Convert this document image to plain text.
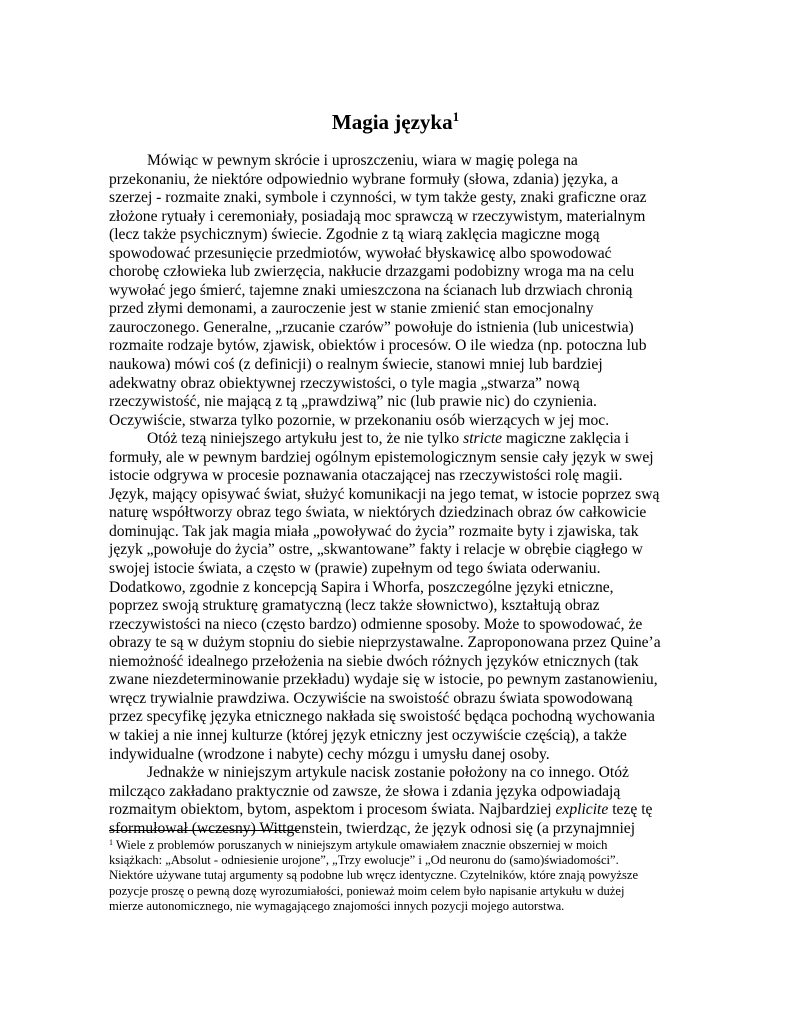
Magia języka$^1$
Mówiąc w pewnym skrócie i uproszczeniu, wiara w magię polega na
przekonaniu, że niektóre odpowiednio wybrane formuły (słowa, zdania) języka, a
szerzej - rozmaite znaki, symbole i czynności, w tym także gesty, znaki graficzne oraz
złożone rytuały i ceremoniały, posiadają moc sprawczą w rzeczywistym, materialnym
(lecz także psychicznym) świecie. Zgodnie z tą wiarą zaklęcia magiczne mogą
spowodować przesunięcie przedmiotów, wywołać błyskawicę albo spowodować
chorobę człowieka lub zwierzęcia, nakłucie drzazgami podobizny wroga ma na celu
wywołać jego śmierć, tajemne znaki umieszczona na ścianach lub drzwiach chronią
przed złymi demonami, a zauroczenie jest w stanie zmienić stan emocjonalny
zauroczonego. Generalne, „rzucanie czarów” powołuje do istnienia (lub unicestwia)
rozmaite rodzaje bytów, zjawisk, obiektów i procesów. O ile wiedza (np. potoczna lub
naukowa) mówi coś (z definicji) o realnym świecie, stanowi mniej lub bardziej
adekwatny obraz obiektywnej rzeczywistości, o tyle magia „stwarza” nową
rzeczywistość, nie mającą z tą „prawdziwą” nic (lub prawie nic) do czynienia.
Oczywiście, stwarza tylko pozornie, w przekonaniu osób wierzących w jej moc.
Otóż tezą niniejszego artykułu jest to, że nie tylko stricte magiczne zaklęcia i
formuły, ale w pewnym bardziej ogólnym epistemologicznym sensie cały język w swej
istocie odgrywa w procesie poznawania otaczającej nas rzeczywistości rolę magii.
Język, mający opisywać świat, służyć komunikacji na jego temat, w istocie poprzez swą
naturę współtworzy obraz tego świata, w niektórych dziedzinach obraz ów całkowicie
dominując. Tak jak magia miała „powoływać do życia” rozmaite byty i zjawiska, tak
język „powołuje do życia” ostre, „skwantowane” fakty i relacje w obrębie ciągłego w
swojej istocie świata, a często w (prawie) zupełnym od tego świata oderwaniu.
Dodatkowo, zgodnie z koncepcją Sapira i Whorfa, poszczególne języki etniczne,
poprzez swoją strukturę gramatyczną (lecz także słownictwo), kształtują obraz
rzeczywistości na nieco (często bardzo) odmienne sposoby. Może to spowodować, że
obrazy te są w dużym stopniu do siebie nieprzystawalne. Zaproponowana przez Quine’a
niemożność idealnego przełożenia na siebie dwóch różnych języków etnicznych (tak
zwane niezdeterminowanie przekładu) wydaje się w istocie, po pewnym zastanowieniu,
wręcz trywialnie prawdziwa. Oczywiście na swoistość obrazu świata spowodowaną
przez specyfikę języka etnicznego nakłada się swoistość będąca pochodną wychowania
w takiej a nie innej kulturze (której język etniczny jest oczywiście częścią), a także
indywidualne (wrodzone i nabyte) cechy mózgu i umysłu danej osoby.
Jednakże w niniejszym artykule nacisk zostanie położony na co innego. Otóż
milcząco zakładano praktycznie od zawsze, że słowa i zdania języka odpowiadają
rozmaitym obiektom, bytom, aspektom i procesom świata. Najbardziej explicite tezę tę
sformułował (wczesny) Wittgenstein, twierdząc, że język odnosi się (a przynajmniej
$^1$ Wiele z problemów poruszanych w niniejszym artykule omawiałem znacznie obszerniej w moich
książkach: „Absolut - odniesienie urojone”, „Trzy ewolucje” i „Od neuronu do (samo)świadomości”.
Niektóre używane tutaj argumenty są podobne lub wręcz identyczne. Czytelników, które znają powyższe
pozycje proszę o pewną dozę wyrozumiałości, ponieważ moim celem było napisanie artykułu w dużej
mierze autonomicznego, nie wymagającego znajomości innych pozycji mojego autorstwa.
